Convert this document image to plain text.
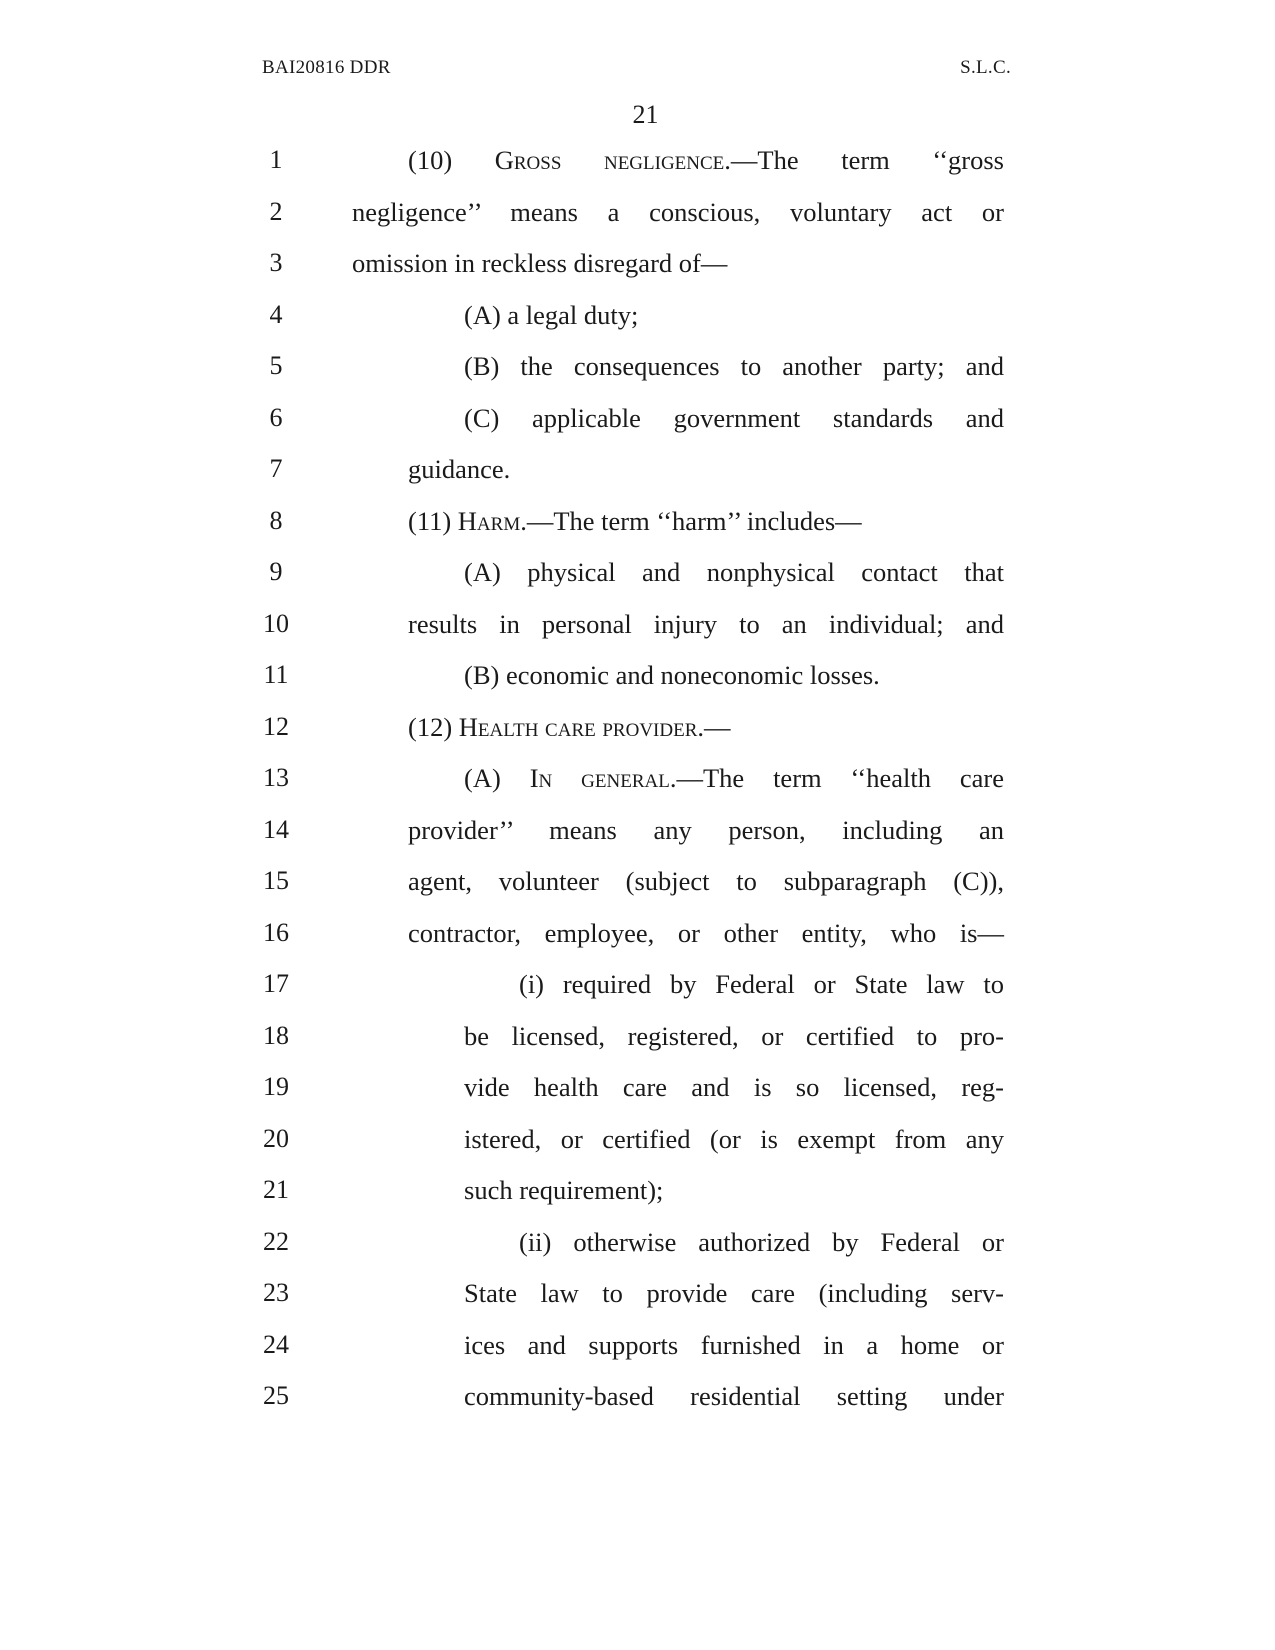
BAI20816 DDR	S.L.C.
21
1	(10) Gross negligence.—The term ‘‘gross
2	negligence’’ means a conscious, voluntary act or
3	omission in reckless disregard of—
4	(A) a legal duty;
5	(B) the consequences to another party; and
6	(C) applicable government standards and
7	guidance.
8	(11) Harm.—The term ‘‘harm’’ includes—
9	(A) physical and nonphysical contact that
10	results in personal injury to an individual; and
11	(B) economic and noneconomic losses.
12	(12) Health care provider.—
13	(A) In general.—The term ‘‘health care
14	provider’’ means any person, including an
15	agent, volunteer (subject to subparagraph (C)),
16	contractor, employee, or other entity, who is—
17	(i) required by Federal or State law to
18	be licensed, registered, or certified to pro-
19	vide health care and is so licensed, reg-
20	istered, or certified (or is exempt from any
21	such requirement);
22	(ii) otherwise authorized by Federal or
23	State law to provide care (including serv-
24	ices and supports furnished in a home or
25	community-based residential setting under
